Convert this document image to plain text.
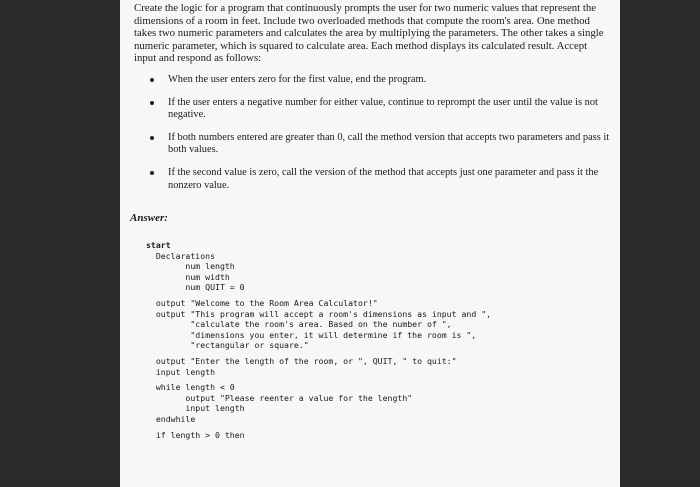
Create the logic for a program that continuously prompts the user for two numeric values that represent the dimensions of a room in feet. Include two overloaded methods that compute the room's area. One method takes two numeric parameters and calculates the area by multiplying the parameters. The other takes a single numeric parameter, which is squared to calculate area. Each method displays its calculated result. Accept input and respond as follows:
When the user enters zero for the first value, end the program.
If the user enters a negative number for either value, continue to reprompt the user until the value is not negative.
If both numbers entered are greater than 0, call the method version that accepts two parameters and pass it both values.
If the second value is zero, call the version of the method that accepts just one parameter and pass it the nonzero value.
Answer:
start
Declarations
num length
num width
num QUIT = 0
output "Welcome to the Room Area Calculator!"
output "This program will accept a room's dimensions as input and ",
"calculate the room's area. Based on the number of ",
"dimensions you enter, it will determine if the room is ",
"rectangular or square."
output "Enter the length of the room, or ", QUIT, " to quit:"
input length
while length < 0
output "Please reenter a value for the length"
input length
endwhile
if length > 0 then
